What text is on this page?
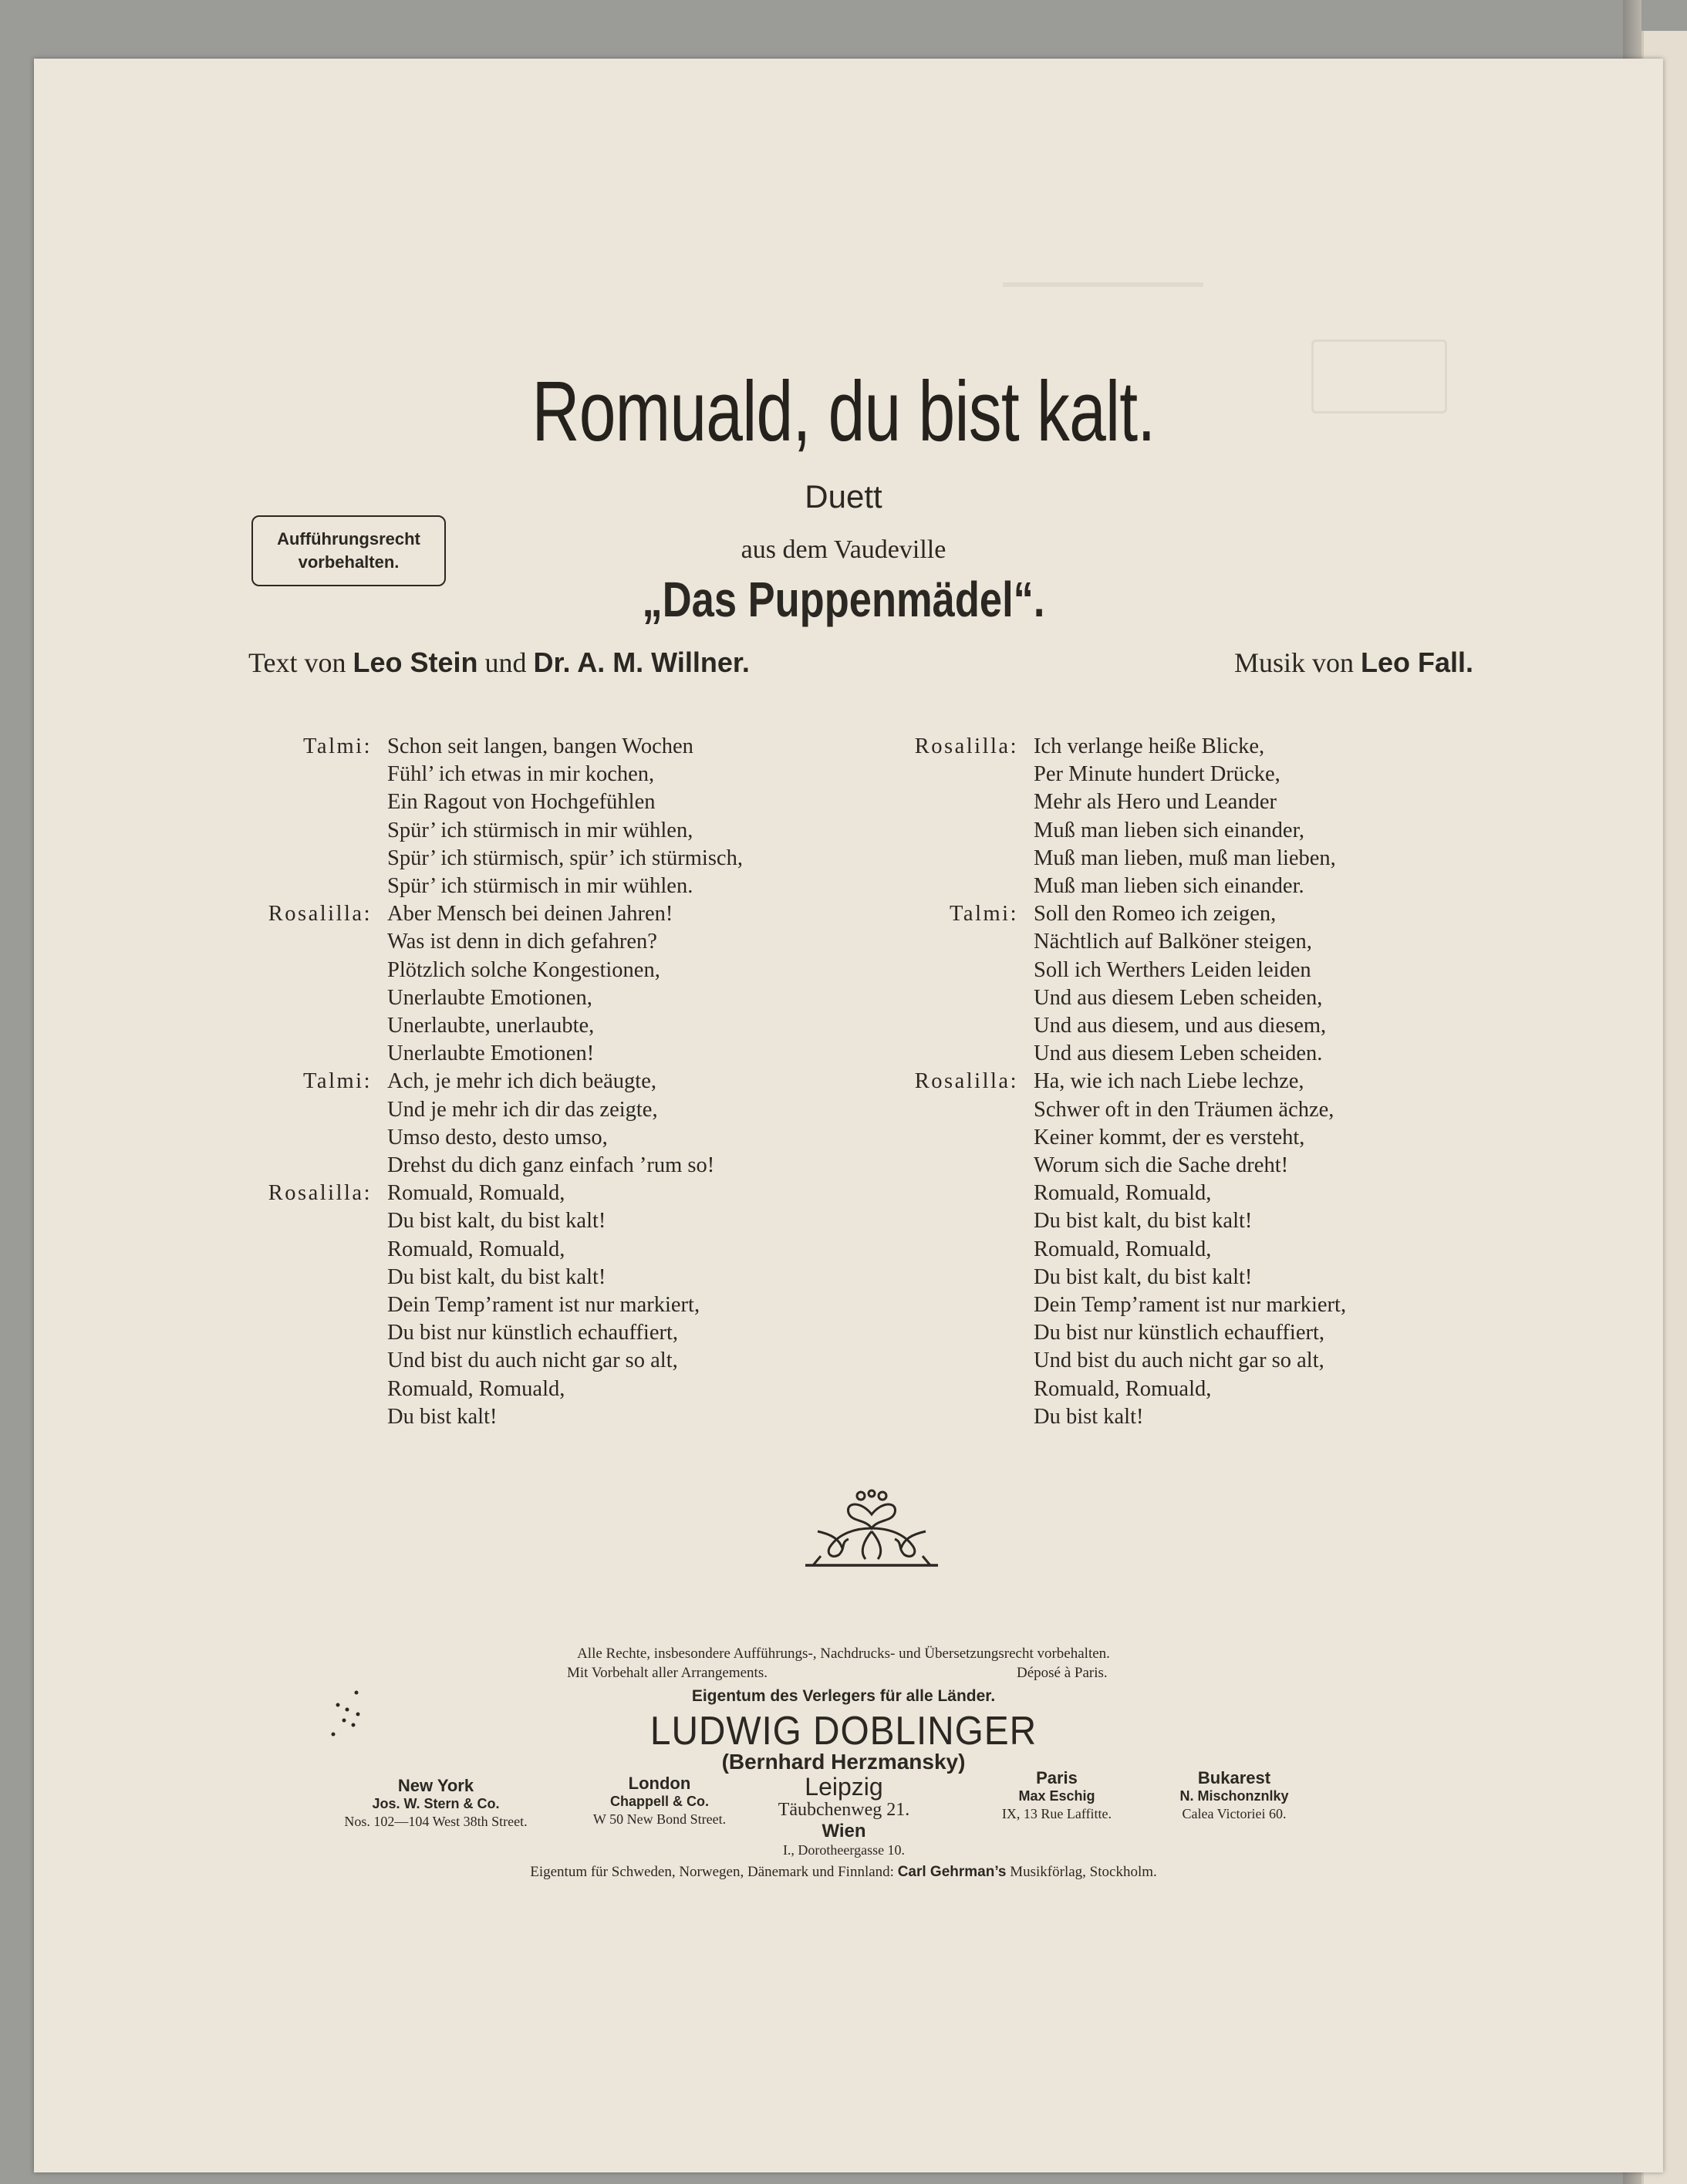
Romuald, du bist kalt.
Duett
aus dem Vaudeville
„Das Puppenmädel“.
Aufführungsrecht
vorbehalten.
Text von Leo Stein und Dr. A. M. Willner.	Musik von Leo Fall.
Talmi: Schon seit langen, bangen Wochen
Fühl’ ich etwas in mir kochen,
Ein Ragout von Hochgefühlen
Spür’ ich stürmisch in mir wühlen,
Spür’ ich stürmisch, spür’ ich stürmisch,
Spür’ ich stürmisch in mir wühlen.
Rosalilla: Aber Mensch bei deinen Jahren!
Was ist denn in dich gefahren?
Plötzlich solche Kongestionen,
Unerlaubte Emotionen,
Unerlaubte, unerlaubte,
Unerlaubte Emotionen!
Talmi: Ach, je mehr ich dich beäugte,
Und je mehr ich dir das zeigte,
Umso desto, desto umso,
Drehst du dich ganz einfach ’rum so!
Rosalilla: Romuald, Romuald,
Du bist kalt, du bist kalt!
Romuald, Romuald,
Du bist kalt, du bist kalt!
Dein Temp’rament ist nur markiert,
Du bist nur künstlich echauffiert,
Und bist du auch nicht gar so alt,
Romuald, Romuald,
Du bist kalt!
Rosalilla: Ich verlange heiße Blicke,
Per Minute hundert Drücke,
Mehr als Hero und Leander
Muß man lieben sich einander,
Muß man lieben, muß man lieben,
Muß man lieben sich einander.
Talmi: Soll den Romeo ich zeigen,
Nächtlich auf Balköner steigen,
Soll ich Werthers Leiden leiden
Und aus diesem Leben scheiden,
Und aus diesem, und aus diesem,
Und aus diesem Leben scheiden.
Rosalilla: Ha, wie ich nach Liebe lechze,
Schwer oft in den Träumen ächze,
Keiner kommt, der es versteht,
Worum sich die Sache dreht!
Romuald, Romuald,
Du bist kalt, du bist kalt!
Romuald, Romuald,
Du bist kalt, du bist kalt!
Dein Temp’rament ist nur markiert,
Du bist nur künstlich echauffiert,
Und bist du auch nicht gar so alt,
Romuald, Romuald,
Du bist kalt!
Alle Rechte, insbesondere Aufführungs-, Nachdrucks- und Übersetzungsrecht vorbehalten.
Mit Vorbehalt aller Arrangements.	Déposé à Paris.
Eigentum des Verlegers für alle Länder.
LUDWIG DOBLINGER
(Bernhard Herzmansky)
New York
Jos. W. Stern & Co.
Nos. 102—104 West 38th Street.
London
Chappell & Co.
W 50 New Bond Street.
Leipzig
Täubchenweg 21.
Wien
I., Dorotheergasse 10.
Paris
Max Eschig
IX, 13 Rue Laffitte.
Bukarest
N. Mischonznlky
Calea Victoriei 60.
Eigentum für Schweden, Norwegen, Dänemark und Finnland: Carl Gehrman’s Musikförlag, Stockholm.
